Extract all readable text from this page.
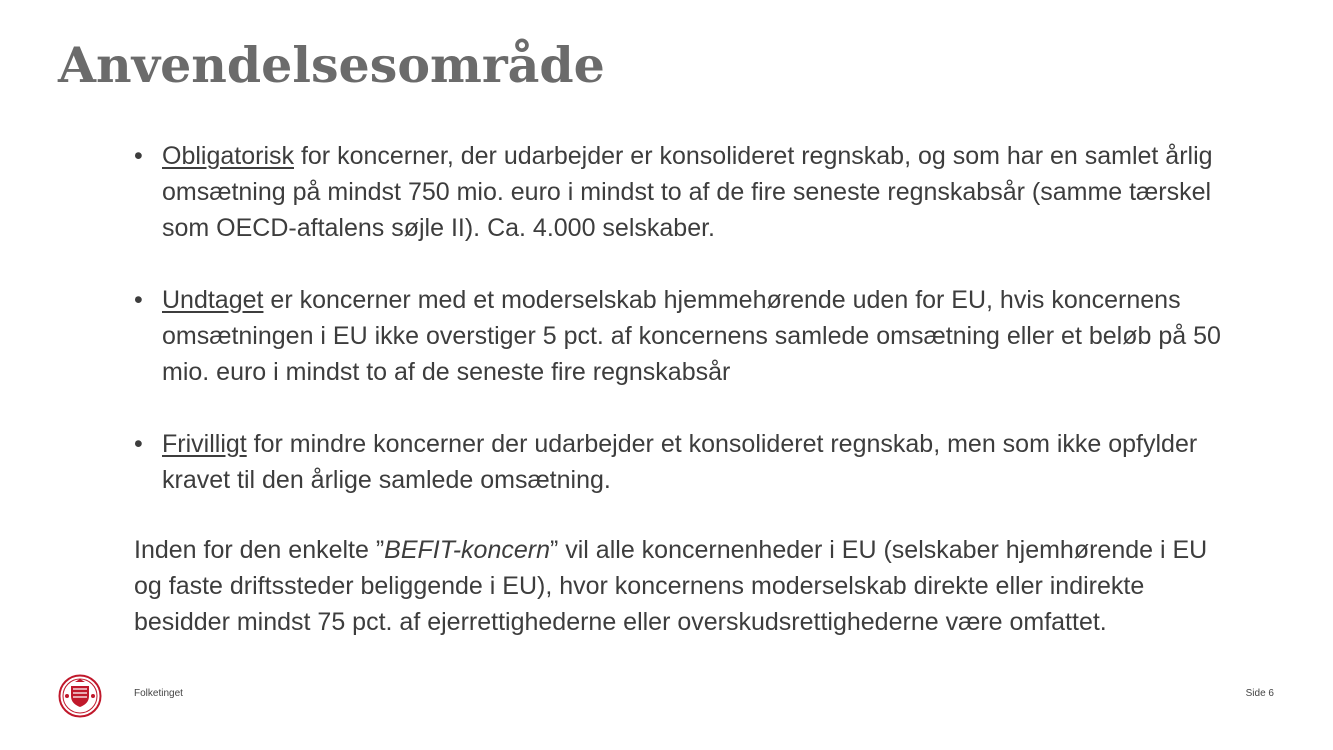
Anvendelsesområde
• Obligatorisk for koncerner, der udarbejder er konsolideret regnskab, og som har en samlet årlig omsætning på mindst 750 mio. euro i mindst to af de fire seneste regnskabsår (samme tærskel som OECD-aftalens søjle II). Ca. 4.000 selskaber.
• Undtaget er koncerner med et moderselskab hjemmehørende uden for EU, hvis koncernens omsætningen i EU ikke overstiger 5 pct. af koncernens samlede omsætning eller et beløb på 50 mio. euro i mindst to af de seneste fire regnskabsår
• Frivilligt for mindre koncerner der udarbejder et konsolideret regnskab, men som ikke opfylder kravet til den årlige samlede omsætning.
Inden for den enkelte ”BEFIT-koncern” vil alle koncernenheder i EU (selskaber hjemhørende i EU og faste driftssteder beliggende i EU), hvor koncernens moderselskab direkte eller indirekte besidder mindst 75 pct. af ejerrettighederne eller overskudsrettighederne være omfattet.
Folketinget	Side 6
